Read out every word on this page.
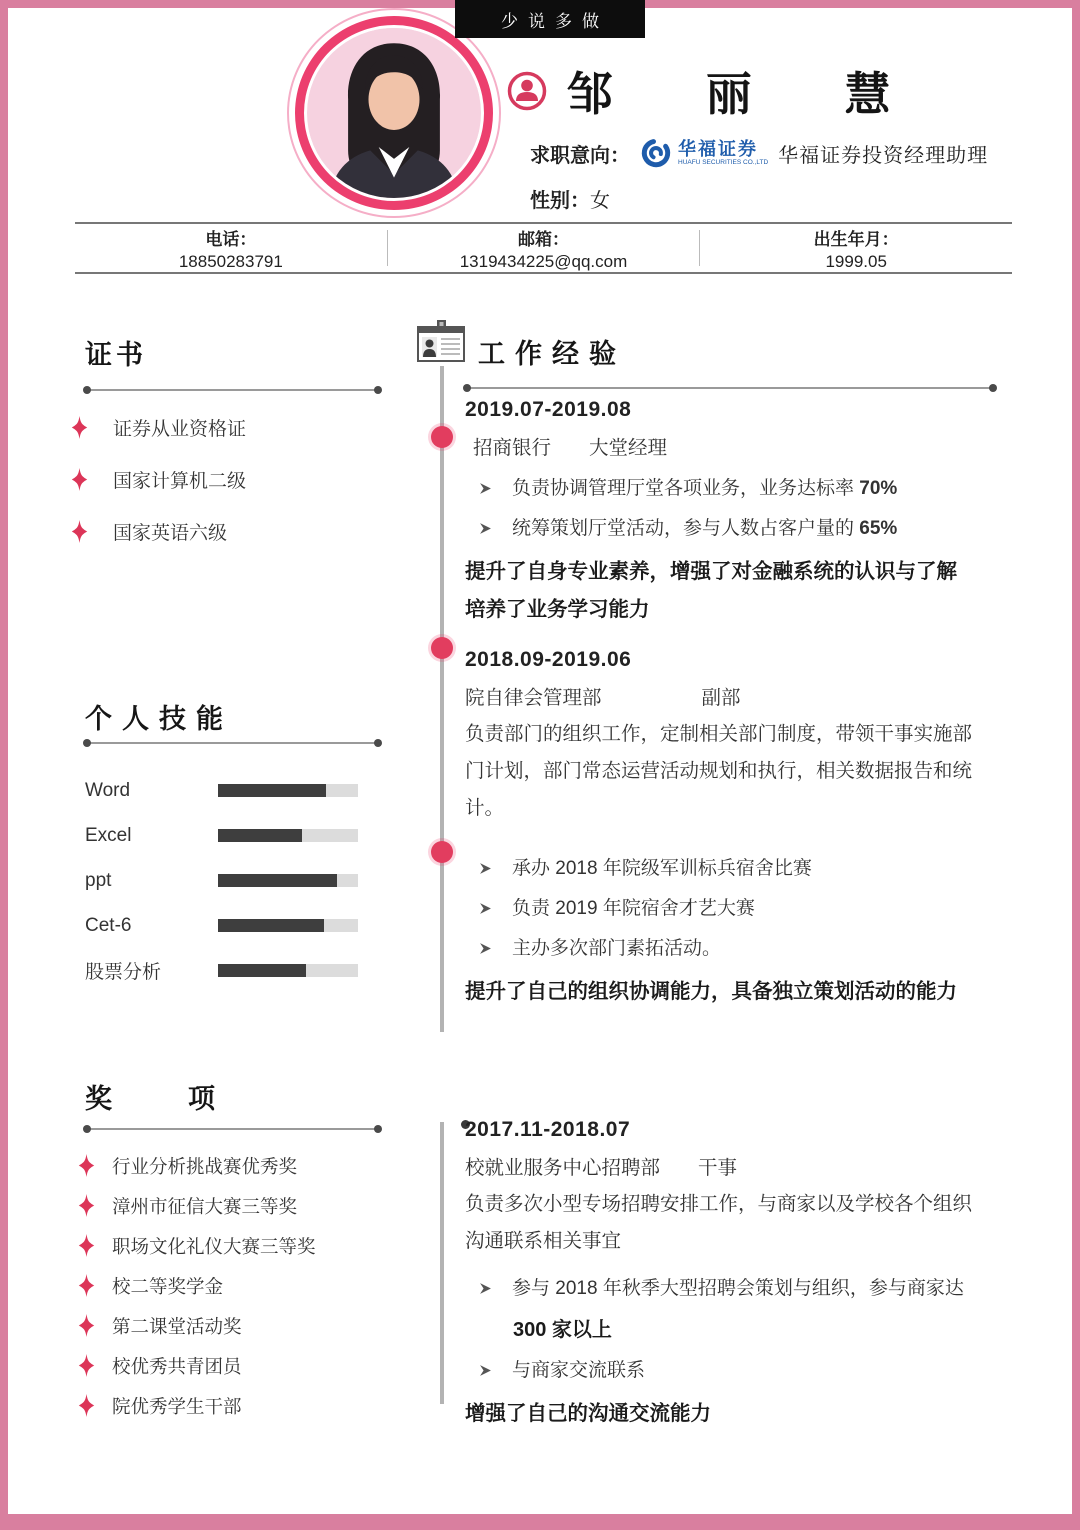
少说多做
邹 丽 慧
求职意向：	华福证券
HUAFU SECURITIES CO.,LTD 华福证券投资经理助理
性别：女
电话：
18850283791
邮箱：
1319434225@qq.com
出生年月：
1999.05
证书
证券从业资格证
国家计算机二级
国家英语六级
个人技能
Word
Excel
ppt
Cet-6
股票分析
奖项
行业分析挑战赛优秀奖
漳州市征信大赛三等奖
职场文化礼仪大赛三等奖
校二等奖学金
第二课堂活动奖
校优秀共青团员
院优秀学生干部
工作经验
2019.07-2019.08
招商银行 大堂经理
负责协调管理厅堂各项业务，业务达标率 70%
统筹策划厅堂活动，参与人数占客户量的 65%
提升了自身专业素养，增强了对金融系统的认识与了解培养了业务学习能力
2018.09-2019.06
院自律会管理部	副部
负责部门的组织工作，定制相关部门制度，带领干事实施部门计划，部门常态运营活动规划和执行，相关数据报告和统计。
承办 2018 年院级军训标兵宿舍比赛
负责 2019 年院宿舍才艺大赛
主办多次部门素拓活动。
提升了自己的组织协调能力，具备独立策划活动的能力
2017.11-2018.07
校就业服务中心招聘部 干事
负责多次小型专场招聘安排工作，与商家以及学校各个组织沟通联系相关事宜
参与 2018 年秋季大型招聘会策划与组织，参与商家达
300 家以上
与商家交流联系
增强了自己的沟通交流能力
